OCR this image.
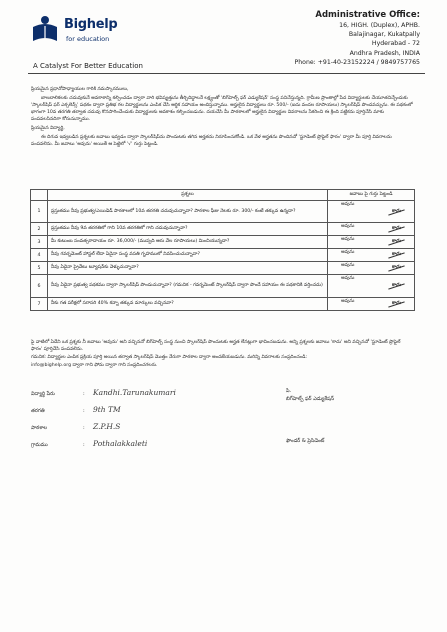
Bighelp
for education
A Catalyst For Better Education
Administrative Office:
16, HIGH. (Duplex), APHB.
Balajinagar, Kukatpally
Hyderabad - 72
Andhra Pradesh, INDIA
Phone: +91-40-23152224 / 9849757765

ప్రియమైన ప్రధానోపాధ్యాయుల గారికి నమస్కారములు,

బాలబాలికలకు చదువుకునే అవకాశాన్ని కల్పించడం ద్వారా వారి భవిష్యత్తును తీర్చిదిద్దాలనే లక్ష్యంతో 'బిగ్‌హెల్ప్ ఫర్ ఎడ్యుకేషన్' సంస్థ పనిచేస్తున్నది. గ్రామీణ ప్రాంతాల్లో పేద విద్యార్థులకు చేయూతనిచ్చేందుకు 'స్కాలర్‌షిప్ ఫర్ ఎక్సలెన్స్' పథకం ద్వారా ప్రతిభ గల విద్యార్థులను ఎంపిక చేసి ఆర్థిక సహాయం అందిస్తున్నాము. అర్హులైన విద్యార్థులు రూ. 500/- (ఐదు వందల రూపాయలు) స్కాలర్‌షిప్ పొందవచ్చును. ఈ పథకంలో భాగంగా 10వ తరగతి తర్వాత చదువు కొనసాగించేందుకు విద్యార్థులకు అవకాశం కల్పించబడును. దయచేసి మీ పాఠశాలలో అర్హులైన విద్యార్థుల వివరాలను సేకరించి ఈ క్రింది పట్టికను పూర్తిచేసి మాకు పంపవలసినదిగా కోరుచున్నాము.

ప్రియమైన విద్యార్థి,

ఈ దిగువ ఇవ్వబడిన ప్రశ్నలకు జవాబు ఇవ్వడం ద్వారా స్కాలర్‌షిప్‌ను పొందుటకు తగిన అర్హతను నిరూపించుకోండి. ఒక వేళ అర్హతను పొందినచో 'స్టూడెంట్ ప్రొఫైల్ ఫారం' ద్వారా మీ పూర్తి వివరాలను పంపవలెను. మీ జవాబు 'అవును' అయితే ఆ పెట్టెలో '√' గుర్తు పెట్టండి.

	ప్రశ్నలు	జవాబు పై గుర్తు పెట్టండి
1	ప్రస్తుతము నీవు ప్రభుత్వ/ఎయిడెడ్ పాఠశాలలో 10వ తరగతి చదువుచున్నావా? పాఠశాల ఫీజు నెలకు రూ. 300/- కంటే తక్కువ ఉన్నదా?	అవును
కాదు

2	ప్రస్తుతము నీవు 9వ తరగతిలో గాని 10వ తరగతిలో గాని చదువుచున్నావా?	అవును కాదు

3	మీ కుటుంబ సంవత్సరాదాయం రూ. 36,000/- (ముప్పది ఆరు వేల రూపాయలు) మించియున్నదా?	అవును కాదు

4	నీవు గవర్నమెంట్ హాస్టల్ లేదా ఏదైనా సంస్థ వసతి గృహములో నివసించుచున్నావా?	అవును కాదు

5	నీవు ఏదైనా ప్రైవేటు ట్యూషన్‌కు వెళ్ళుచున్నావా?	అవును కాదు

6	నీవు ఏదైనా ప్రభుత్వ పథకము ద్వారా స్కాలర్‌షిప్ పొందుచున్నావా? (గమనిక - గవర్నమెంట్ స్కాలర్‌షిప్ ద్వారా పొందే సహాయం ఈ పథకానికి వర్తించదు)	అవును
కాదు

7	నీకు గత పరీక్షలో సరాసరి 40% కన్నా తక్కువ మార్కులు వచ్చినవా?	అవును కాదు

పై వాటిలో ఏదేని ఒక ప్రశ్నకు నీ జవాబు 'అవును' అని వచ్చినచో బిగ్‌హెల్ప్ సంస్థ నుంచి స్కాలర్‌షిప్ పొందుటకు అర్హత లేనట్లుగా భావించబడును. అన్ని ప్రశ్నలకు జవాబు 'కాదు' అని వచ్చినచో 'స్టూడెంట్ ప్రొఫైల్ ఫారం' పూర్తిచేసి పంపవలెను.

గమనిక: విద్యార్థుల ఎంపిక ప్రక్రియ పూర్తి అయిన తర్వాత స్కాలర్‌షిప్ మొత్తం నేరుగా పాఠశాల ద్వారా అందజేయబడును. మరిన్ని వివరాలకు సంప్రదించండి:

info@bighelp.org ద్వారా గాని ఫోను ద్వారా గాని సంప్రదించగలరు.

విద్యార్థి పేరు	: Kandhi.Tarunakumari
తరగతి	: 9th TM
పాఠశాల	: Z.P.H.S
గ్రామము	: Pothalakkaleti
పి.
బిగ్‌హెల్ప్ ఫర్ ఎడ్యుకేషన్
ఫౌండర్ & ప్రెసిడెంట్
